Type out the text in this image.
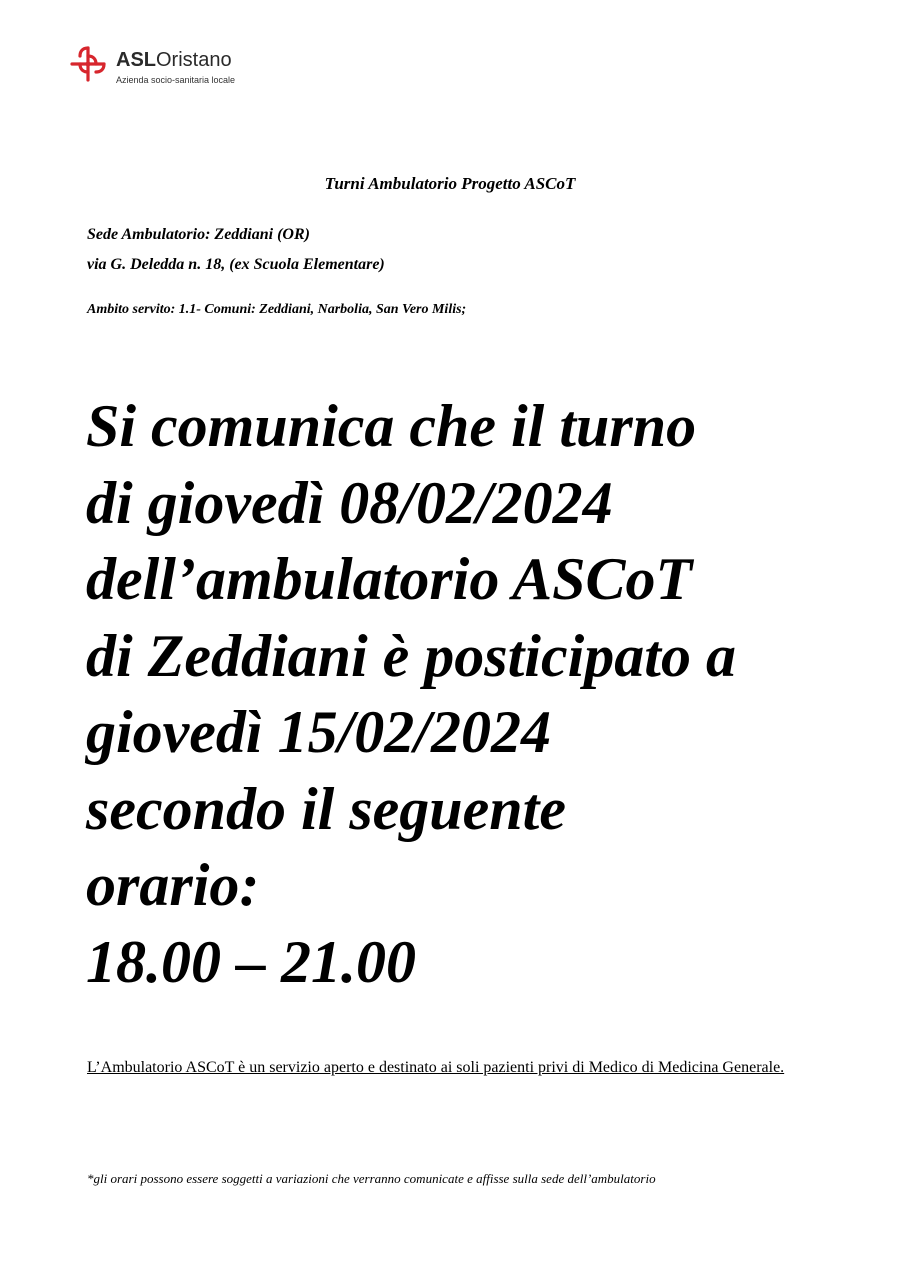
ASLOristano
Azienda socio-sanitaria locale
Turni Ambulatorio Progetto ASCoT
Sede Ambulatorio: Zeddiani (OR)
via G. Deledda n. 18, (ex Scuola Elementare)
Ambito servito: 1.1- Comuni: Zeddiani, Narbolia, San Vero Milis;
Si comunica che il turno
di giovedì 08/02/2024
dell’ambulatorio ASCoT
di Zeddiani è posticipato a
giovedì 15/02/2024
secondo il seguente
orario:
18.00 – 21.00
L’Ambulatorio ASCoT è un servizio aperto e destinato ai soli pazienti privi di Medico di Medicina Generale.
*gli orari possono essere soggetti a variazioni che verranno comunicate e affisse sulla sede dell’ambulatorio
